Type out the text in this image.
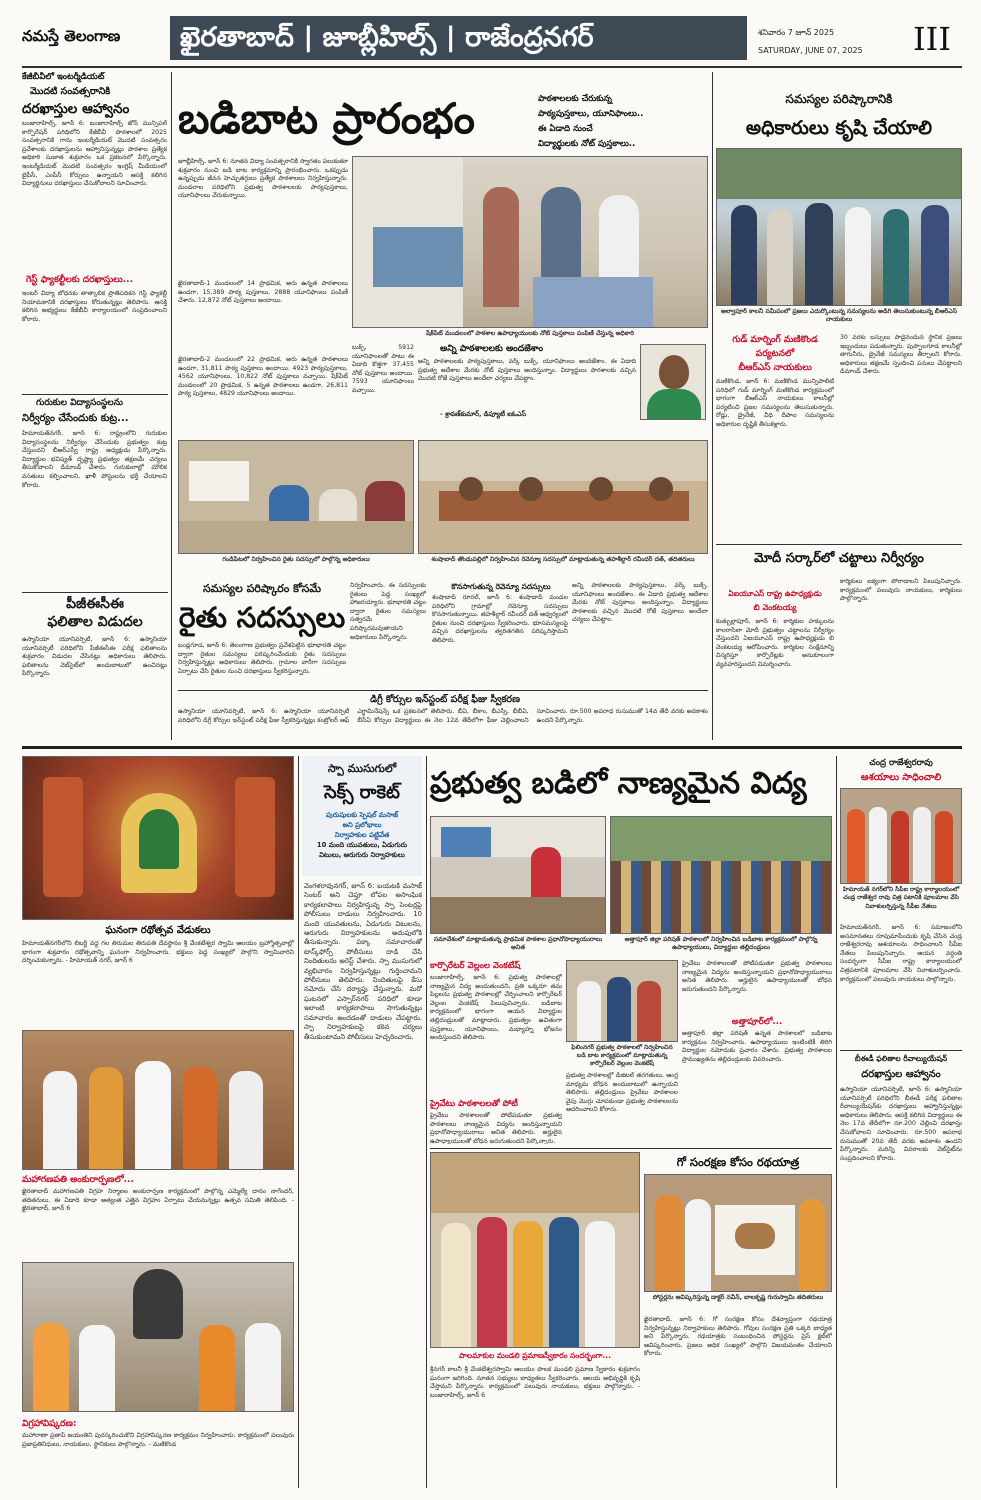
నమస్తే తెలంగాణ	ఖైరతాబాద్ | జూబ్లీహిల్స్ | రాజేంద్రనగర్	శనివారం 7 జూన్ 2025
SATURDAY, JUNE 07, 2025	III
కేజీబీవీలో ఇంటర్మీడియట్
మొదటి సంవత్సరానికి
దరఖాస్తుల ఆహ్వానం
బంజారాహిల్స్, జూన్ 6: బంజారాహిల్స్ జోన్ మున్సిపల్ కార్పొరేషన్ పరిధిలోని కేజీబీవీ పాఠశాలలో 2025 సంవత్సరానికి గాను ఇంటర్మీడియట్ మొదటి సంవత్సరం ప్రవేశాలకు దరఖాస్తులను ఆహ్వానిస్తున్నట్లు పాఠశాల ప్రత్యేక అధికారి సుజాత శుక్రవారం ఒక ప్రకటనలో పేర్కొన్నారు. ఇంటర్మీడియట్ మొదటి సంవత్సరం ఇంగ్లిష్ మీడియంలో బైపీసీ, ఎంపీసీ కోర్సులు ఉన్నాయని ఆసక్తి కలిగిన విద్యార్థినులు దరఖాస్తులు చేసుకోవాలని సూచించారు.
గెస్ట్ ఫ్యాకల్టీలకు దరఖాస్తులు...
ఇంటర్ విద్యా బోధనకు తాత్కాలిక ప్రాతిపదికన గెస్ట్ ఫ్యాకల్టీ నియామకానికి దరఖాస్తులు కోరుతున్నట్లు తెలిపారు. ఆసక్తి కలిగిన అభ్యర్థులు కేజీబీవీ కార్యాలయంలో సంప్రదించాలని కోరారు.
గురుకుల విద్యాసంస్థలను
నిర్వీర్యం చేసేందుకు కుట్ర...
హిమాయత్‌నగర్, జూన్ 6: రాష్ట్రంలోని గురుకుల విద్యాసంస్థలను నిర్వీర్యం చేసేందుకు ప్రభుత్వం కుట్ర చేస్తుందని బీఆర్ఎస్వీ రాష్ట్ర అధ్యక్షుడు పేర్కొన్నారు. విద్యార్థుల భవిష్యత్ దృష్ట్యా ప్రభుత్వం తక్షణమే చర్యలు తీసుకోవాలని డిమాండ్ చేశారు. గురుకులాల్లో మౌలిక వసతులు కల్పించాలని, ఖాళీ పోస్టులను భర్తీ చేయాలని కోరారు.
పీజీఈసీఈ
ఫలితాల విడుదల
ఉస్మానియా యూనివర్సిటీ, జూన్ 6: ఉస్మానియా యూనివర్సిటీ పరిధిలోని పీజీఈసీఈ పరీక్ష ఫలితాలను శుక్రవారం విడుదల చేసినట్లు అధికారులు తెలిపారు. ఫలితాలను వెబ్‌సైట్‌లో అందుబాటులో ఉంచినట్లు పేర్కొన్నారు.
బడిబాట ప్రారంభం	పాఠశాలలకు చేరుకున్న
పాఠ్యపుస్తకాలు, యూనిఫాంలు..
ఈ ఏడాది నుంచే
విద్యార్థులకు నోట్ పుస్తకాలు..
జూబ్లీహిల్స్, జూన్ 6: నూతన విద్యా సంవత్సరానికి స్వాగతం పలుకుతూ శుక్రవారం నుంచి బడి బాట కార్యక్రమాన్ని ప్రారంభించారు. ఒకప్పుడు ఉన్నప్పుడు జీవన హెచ్చుతగ్గులు ప్రత్యేక పాఠశాలలు నిర్వహిస్తున్నారు. మండలాల పరిధిలోని ప్రభుత్వ పాఠశాలలకు పాఠ్యపుస్తకాలు, యూనిఫాంలు చేరుకున్నాయి.
ఖైరతాబాద్-1 మండలంలో 14 ప్రాథమిక, అరు ఉన్నత పాఠశాలలు ఉండగా, 15,389 పాఠ్య పుస్తకాలు, 2888 యూనిఫాంలు పంపిణీ చేశారు. 12,872 నోట్ పుస్తకాలు అందాయి.
ఖైరతాబాద్-2 మండలంలో 22 ప్రాథమిక, అరు ఉన్నత పాఠశాలలు ఉండగా, 31,811 పాఠ్య పుస్తకాలు అందాయి. 4923 పాఠ్యపుస్తకాలు, 4562 యూనిఫాంలు, 10,822 నోట్ పుస్తకాలు వచ్చాయి. షేక్‌పేట్ మండలంలో 20 ప్రాథమిక, 5 ఉన్నత పాఠశాలలు ఉండగా, 26,811 పాఠ్య పుస్తకాలు, 4829 యూనిఫాంలు అందాయి.
షేక్‌పేట్ మండలంలో పాఠశాల ఉపాధ్యాయులకు నోట్ పుస్తకాలు పంపిణీ చేస్తున్న అధికారి
బుక్స్, 5912 యూనిఫాంలతో పాటు ఈ ఏడాది కొత్తగా 37,455 నోట్ పుస్తకాలు అందాయి. 7593 యూనిఫాంలు వచ్చాయి.
అన్ని పాఠశాలలకు అందజేశాం
అన్ని పాఠశాలలకు పాఠ్యపుస్తకాలు, వర్క్ బుక్స్, యూనిఫాంలు అందజేశాం. ఈ ఏడాది ప్రభుత్వ ఆదేశాల మేరకు నోట్ పుస్తకాలు అందిస్తున్నాం. విద్యార్థులు పాఠశాలకు వచ్చిన మొదటి రోజే పుస్తకాలు అందేలా చర్యలు చేపట్టాం.
- శ్రావణ్‌కుమార్, డిప్యూటీ ఐఓఎస్
గండిపేటలో నిర్వహించిన రైతు సదస్సులో పాల్గొన్న అధికారులు	శంషాబాద్ తొండుపల్లిలో నిర్వహించిన రెవెన్యూ సదస్సులో మాట్లాడుతున్న తహశీల్దార్ రవీందర్ దత్, తదితరులు
సమస్యల పరిష్కారం కోసమే
రైతు సదస్సులు
బండ్లగూడ, జూన్ 6: తెలంగాణ ప్రభుత్వం ప్రవేశపెట్టిన భూభారతి చట్టం ద్వారా రైతుల సమస్యలు పరిష్కరించేందుకు రైతు సదస్సులు నిర్వహిస్తున్నట్లు అధికారులు తెలిపారు. గ్రామాల వారీగా సదస్సులు ఏర్పాటు చేసి రైతుల నుంచి దరఖాస్తులు స్వీకరిస్తున్నారు.
నిర్వహించారు. ఈ సదస్సులకు రైతులు పెద్ద సంఖ్యలో హాజరయ్యారు. భూభారతి చట్టం ద్వారా రైతుల సమస్యలు సత్వరమే పరిష్కారమవుతాయని అధికారులు పేర్కొన్నారు.
కొనసాగుతున్న రెవెన్యూ సదస్సులు
శంషాబాద్ రూరల్, జూన్ 6: శంషాబాద్ మండల పరిధిలోని గ్రామాల్లో రెవెన్యూ సదస్సులు కొనసాగుతున్నాయి. తహశీల్దార్ రవీందర్ దత్ ఆధ్వర్యంలో రైతుల నుంచి దరఖాస్తులు స్వీకరించారు. భూసమస్యలపై వచ్చిన దరఖాస్తులను త్వరితగతిన పరిష్కరిస్తామని తెలిపారు.
అన్ని పాఠశాలలకు పాఠ్యపుస్తకాలు, వర్క్ బుక్స్, యూనిఫాంలు అందజేశాం. ఈ ఏడాది ప్రభుత్వ ఆదేశాల మేరకు నోట్ పుస్తకాలు అందిస్తున్నాం. విద్యార్థులు పాఠశాలకు వచ్చిన మొదటి రోజే పుస్తకాలు అందేలా చర్యలు చేపట్టాం.
డిగ్రీ కోర్సుల ఇన్‌స్టంట్ పరీక్ష ఫీజు స్వీకరణ
ఉస్మానియా యూనివర్సిటీ, జూన్ 6: ఉస్మానియా యూనివర్సిటీ పరిధిలోని డిగ్రీ కోర్సుల ఇన్‌స్టంట్ పరీక్ష ఫీజు స్వీకరిస్తున్నట్లు కంట్రోలర్ ఆఫ్ ఎగ్జామినేషన్స్ ఒక ప్రకటనలో తెలిపారు. బీఏ, బీకాం, బీఎస్సీ, బీబీఏ, బీసీఏ కోర్సుల విద్యార్థులు ఈ నెల 12వ తేదీలోగా ఫీజు చెల్లించాలని సూచించారు. రూ.500 అపరాధ రుసుముతో 14వ తేదీ వరకు అవకాశం ఉందని పేర్కొన్నారు.
సమస్యల పరిష్కారానికి
అధికారులు కృషి చేయాలి
అల్వాపూర్ కాలనీ సమీపంలో ప్రజలు ఎదుర్కొంటున్న సమస్యలను అడిగి తెలుసుకుంటున్న బీఆర్ఎస్ నాయకులు
గుడ్ మార్నింగ్ మణికొండ
పర్యటనలో
బీఆర్ఎస్ నాయకులు
మణికొండ, జూన్ 6: మణికొండ మున్సిపాలిటీ పరిధిలో గుడ్ మార్నింగ్ మణికొండ కార్యక్రమంలో భాగంగా బీఆర్ఎస్ నాయకులు కాలనీల్లో పర్యటించి ప్రజల సమస్యలను తెలుసుకున్నారు. రోడ్లు, డ్రైనేజీ, వీధి దీపాల సమస్యలను అధికారుల దృష్టికి తీసుకెళ్లారు.
30 వరకు బస్సులు పాడైనందున స్థానిక ప్రజలు ఇబ్బందులు పడుతున్నారు. పుప్పాలగూడ కాలనీల్లో తాగునీరు, డ్రైనేజీ సమస్యలు తీర్చాలని కోరారు. అధికారులు తక్షణమే స్పందించి పనులు చేపట్టాలని డిమాండ్ చేశారు.
మోదీ సర్కార్‌లో చట్టాలు నిర్వీర్యం
ఏఐయూఎస్ రాష్ట్ర ఉపాధ్యక్షుడు
బి వెంకటయ్య
కుత్బుల్లాపూర్, జూన్ 6: కార్మికుల హక్కులను కాలరాసేలా మోదీ ప్రభుత్వం చట్టాలను నిర్వీర్యం చేస్తుందని ఏఐయూఎస్ రాష్ట్ర ఉపాధ్యక్షుడు బి వెంకటయ్య ఆరోపించారు. కార్మికుల సంక్షేమాన్ని విస్మరిస్తూ కార్పొరేట్లకు అనుకూలంగా వ్యవహరిస్తుందని విమర్శించారు.
కార్మికులు ఐక్యంగా పోరాడాలని పిలుపునిచ్చారు. కార్యక్రమంలో పలువురు నాయకులు, కార్మికులు పాల్గొన్నారు.
ఘనంగా రథోత్సవ వేడుకలు
హిమాయత్‌నగర్‌లోని లిబర్టీ వద్ద గల తిరుమల తిరుపతి దేవస్థానం శ్రీ వేంకటేశ్వర స్వామి ఆలయం బ్రహ్మోత్సవాల్లో భాగంగా శుక్రవారం రథోత్సవాన్ని ఘనంగా నిర్వహించారు. భక్తులు పెద్ద సంఖ్యలో పాల్గొని స్వామివారిని దర్శించుకున్నారు. - హిమాయత్ నగర్, జూన్ 6
మహాగణపతి అంకురార్పణలో...
ఖైరతాబాద్ మహాగణపతి విగ్రహ నిర్మాణం అంకురార్పణ కార్యక్రమంలో పాల్గొన్న ఎమ్మెల్యే దానం నాగేందర్, తదితరులు. ఈ ఏడాది కూడా అత్యంత ఎత్తైన విగ్రహం ఏర్పాటు చేయనున్నట్లు ఉత్సవ సమితి తెలిపింది. - ఖైరతాబాద్, జూన్ 6
విగ్రహావిష్కరణ:
మహారాణా ప్రతాప్ జయంతిని పురస్కరించుకొని విగ్రహావిష్కరణ కార్యక్రమం నిర్వహించారు. కార్యక్రమంలో పలువురు ప్రజాప్రతినిధులు, నాయకులు, స్థానికులు పాల్గొన్నారు. - మణికొండ
స్పా ముసుగులో
సెక్స్ రాకెట్
పురుషులకు స్పెషల్ మసాజ్
అని ప్రలోభాలు
నిర్వాహకుల పట్టివేత
10 మంది యువతులు, ఏడుగురు
విటులు, ఆరుగురు నిర్వాహకులు
వెంగళరావునగర్, జూన్ 6: బయటకి మసాజ్ సెంటర్ అని చెప్తూ లోపల అసాంఘిక కార్యకలాపాలు నిర్వహిస్తున్న స్పా సెంటర్లపై పోలీసులు దాడులు నిర్వహించారు. 10 మంది యువతులను, ఏడుగురు విటులను, ఆరుగురు నిర్వాహకులను అదుపులోకి తీసుకున్నారు. పక్కా సమాచారంతో టాస్క్‌ఫోర్స్ పోలీసులు దాడి చేసి నిందితులను అరెస్ట్ చేశారు. స్పా ముసుగులో వ్యభిచారం నిర్వహిస్తున్నట్లు గుర్తించామని పోలీసులు తెలిపారు. నిందితులపై కేసు నమోదు చేసి దర్యాప్తు చేస్తున్నారు. మరో ఘటనలో ఎస్సార్‌నగర్ పరిధిలో కూడా ఇలాంటి కార్యకలాపాలు సాగుతున్నట్లు సమాచారం అందడంతో దాడులు చేపట్టారు. స్పా నిర్వాహకులపై కఠిన చర్యలు తీసుకుంటామని పోలీసులు హెచ్చరించారు.
ప్రభుత్వ బడిలో నాణ్యమైన విద్య
సమావేశంలో మాట్లాడుతున్న ప్రాథమిక పాఠశాల ప్రధానోపాధ్యాయురాలు అనిత
ఆత్తాపూర్ జిల్లా పరిషత్ పాఠశాలలో నిర్వహించిన బడిబాట కార్యక్రమంలో పాల్గొన్న ఉపాధ్యాయులు, విద్యార్థుల తల్లిదండ్రులు
కార్పొరేటర్ వెల్లంల వెంకటేష్
బంజారాహిల్స్, జూన్ 6: ప్రభుత్వ పాఠశాలల్లో నాణ్యమైన విద్య అందుతుందని, ప్రతి ఒక్కరూ తమ పిల్లలను ప్రభుత్వ పాఠశాలల్లో చేర్పించాలని కార్పొరేటర్ వెల్లంల వెంకటేష్ పిలుపునిచ్చారు. బడిబాట కార్యక్రమంలో భాగంగా ఆయన విద్యార్థుల తల్లిదండ్రులతో మాట్లాడారు. ప్రభుత్వం ఉచితంగా పుస్తకాలు, యూనిఫాంలు, మధ్యాహ్న భోజనం అందిస్తుందని తెలిపారు.
ప్రైవేటు పాఠశాలలతో పోటీ
ప్రైవేటు పాఠశాలలతో పోటీపడుతూ ప్రభుత్వ పాఠశాలలు నాణ్యమైన విద్యను అందిస్తున్నాయని ప్రధానోపాధ్యాయురాలు అనిత తెలిపారు. అర్హులైన ఉపాధ్యాయులతో బోధన జరుగుతుందని పేర్కొన్నారు.
ఫిలింనగర్ ప్రభుత్వ పాఠశాలలో నిర్వహించిన బడి బాట కార్యక్రమంలో మాట్లాడుతున్న కార్పొరేటర్ వెల్లంల వెంకటేష్
ప్రభుత్వ పాఠశాలల్లో డిజిటల్ తరగతులు, ఆంగ్ల మాధ్యమ బోధన అందుబాటులో ఉన్నాయని తెలిపారు. తల్లిదండ్రులు ప్రైవేటు పాఠశాలల వైపు మొగ్గు చూపకుండా ప్రభుత్వ పాఠశాలలను ఆదరించాలని కోరారు.
ప్రైవేటు పాఠశాలలతో పోటీపడుతూ ప్రభుత్వ పాఠశాలలు నాణ్యమైన విద్యను అందిస్తున్నాయని ప్రధానోపాధ్యాయురాలు అనిత తెలిపారు. అర్హులైన ఉపాధ్యాయులతో బోధన జరుగుతుందని పేర్కొన్నారు.
అత్తాపూర్‌లో...
అత్తాపూర్ జిల్లా పరిషత్ ఉన్నత పాఠశాలలో బడిబాట కార్యక్రమం నిర్వహించారు. ఉపాధ్యాయులు ఇంటింటికీ తిరిగి విద్యార్థుల నమోదుకు ప్రచారం చేశారు. ప్రభుత్వ పాఠశాలల ప్రాముఖ్యతను తల్లిదండ్రులకు వివరించారు.
పాలమాకుల మండలి ప్రమాణస్వీకారం సందర్భంగా...
శ్రీనగర్ కాలనీ శ్రీ వేంకటేశ్వరస్వామి ఆలయం పాలక మండలి ప్రమాణ స్వీకారం శుక్రవారం ఘనంగా జరిగింది. నూతన సభ్యులు బాధ్యతలు స్వీకరించారు. ఆలయ అభివృద్ధికి కృషి చేస్తామని పేర్కొన్నారు. కార్యక్రమంలో పలువురు నాయకులు, భక్తులు పాల్గొన్నారు. - బంజారాహిల్స్, జూన్ 6
గో సంరక్షణ కోసం రథయాత్ర
పోస్టర్లను ఆవిష్కరిస్తున్న డాక్టర్ నవీన్, బాలకృష్ణ గురుస్వామి తదితరులు
ఖైరతాబాద్, జూన్ 6: గో సంరక్షణ కోసం దేశవ్యాప్తంగా రథయాత్ర నిర్వహిస్తున్నట్లు నిర్వాహకులు తెలిపారు. గోవుల సంరక్షణ ప్రతి ఒక్కరి బాధ్యత అని పేర్కొన్నారు. రథయాత్రకు సంబంధించిన పోస్టర్లను ప్రెస్ క్లబ్‌లో ఆవిష్కరించారు. ప్రజలు అధిక సంఖ్యలో పాల్గొని విజయవంతం చేయాలని కోరారు.
చంద్ర రాజేశ్వరరావు
ఆశయాలు సాధించాలి
హిమాయత్ నగర్‌లోని సీపీఐ రాష్ట్ర కార్యాలయంలో చండ్ర రాజేశ్వర రావు చిత్ర పటానికి పూలమాల వేసి నివాళులర్పిస్తున్న సీపీఐ నేతలు
హిమాయత్‌నగర్, జూన్ 6: సమాజంలోని అసమానతలు రూపుమాపేందుకు కృషి చేసిన చండ్ర రాజేశ్వరరావు ఆశయాలను సాధించాలని సీపీఐ నేతలు పిలుపునిచ్చారు. ఆయన వర్ధంతి సందర్భంగా సీపీఐ రాష్ట్ర కార్యాలయంలో చిత్రపటానికి పూలమాల వేసి నివాళులర్పించారు. కార్యక్రమంలో పలువురు నాయకులు పాల్గొన్నారు.
బీఈడీ ఫలితాల రీవాల్యుయేషన్
దరఖాస్తుల ఆహ్వానం
ఉస్మానియా యూనివర్సిటీ, జూన్ 6: ఉస్మానియా యూనివర్సిటీ పరిధిలోని బీఈడీ పరీక్ష ఫలితాల రీవాల్యుయేషన్‌కు దరఖాస్తులు ఆహ్వానిస్తున్నట్లు అధికారులు తెలిపారు. ఆసక్తి కలిగిన విద్యార్థులు ఈ నెల 17వ తేదీలోగా రూ.200 చెల్లించి దరఖాస్తు చేసుకోవాలని సూచించారు. రూ.500 అపరాధ రుసుముతో 20వ తేదీ వరకు అవకాశం ఉందని పేర్కొన్నారు. మరిన్ని వివరాలకు వెబ్‌సైట్‌ను సంప్రదించాలని కోరారు.
